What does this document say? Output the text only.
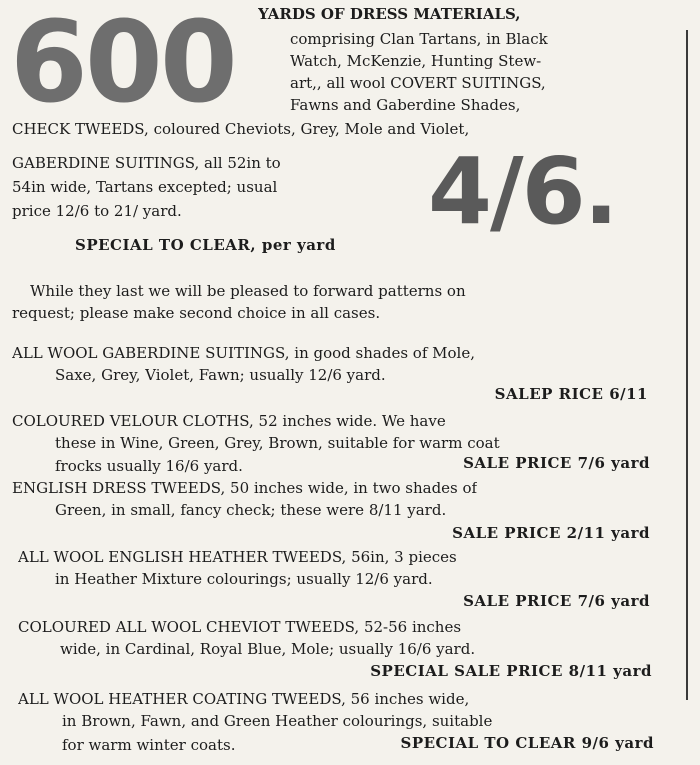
600	YARDS OF DRESS MATERIALS,
comprising Clan Tartans, in Black
Watch, McKenzie, Hunting Stew-
art,, all wool COVERT SUITINGS,
Fawns and Gaberdine Shades,
CHECK TWEEDS, coloured Cheviots, Grey, Mole and Violet,
GABERDINE SUITINGS, all 52in to
54in wide, Tartans excepted; usual
price 12/6 to 21/ yard.	4/6.
SPECIAL TO CLEAR, per yard
While they last we will be pleased to forward patterns on
request; please make second choice in all cases.
ALL WOOL GABERDINE SUITINGS, in good shades of Mole,
Saxe, Grey, Violet, Fawn; usually 12/6 yard.
SALEP RICE 6/11
COLOURED VELOUR CLOTHS, 52 inches wide. We have
these in Wine, Green, Grey, Brown, suitable for warm coat
frocks usually 16/6 yard.	SALE PRICE 7/6 yard
ENGLISH DRESS TWEEDS, 50 inches wide, in two shades of
Green, in small, fancy check; these were 8/11 yard.
SALE PRICE 2/11 yard
ALL WOOL ENGLISH HEATHER TWEEDS, 56in, 3 pieces
in Heather Mixture colourings; usually 12/6 yard.
SALE PRICE 7/6 yard
COLOURED ALL WOOL CHEVIOT TWEEDS, 52-56 inches
wide, in Cardinal, Royal Blue, Mole; usually 16/6 yard.
SPECIAL SALE PRICE 8/11 yard
ALL WOOL HEATHER COATING TWEEDS, 56 inches wide,
in Brown, Fawn, and Green Heather colourings, suitable
for warm winter coats.	SPECIAL TO CLEAR 9/6 yard
